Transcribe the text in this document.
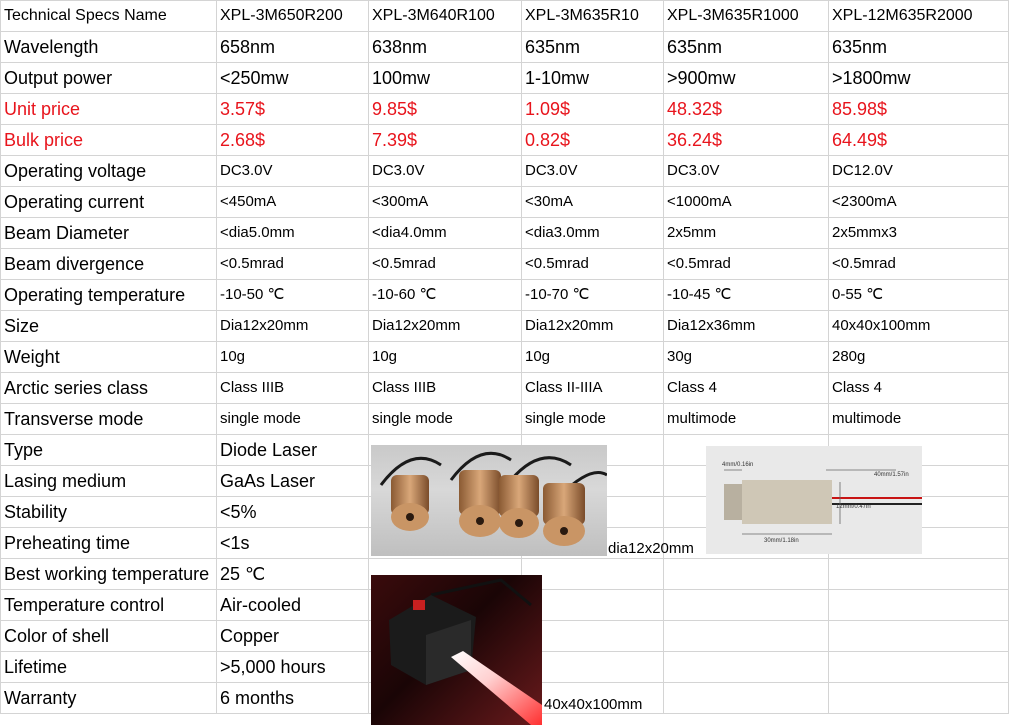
Technical Specs Name	XPL-3M650R200	XPL-3M640R100	XPL-3M635R10	XPL-3M635R1000	XPL-12M635R2000
Wavelength	658nm	638nm	635nm	635nm	635nm
Output power	<250mw	100mw	1-10mw	>900mw	>1800mw
Unit price	3.57$	9.85$	1.09$	48.32$	85.98$
Bulk price	2.68$	7.39$	0.82$	36.24$	64.49$
Operating voltage	DC3.0V	DC3.0V	DC3.0V	DC3.0V	DC12.0V
Operating current	<450mA	<300mA	<30mA	<1000mA	<2300mA
Beam Diameter	<dia5.0mm	<dia4.0mm	<dia3.0mm	2x5mm	2x5mmx3
Beam divergence	<0.5mrad	<0.5mrad	<0.5mrad	<0.5mrad	<0.5mrad
Operating temperature	-10-50 ℃	-10-60 ℃	-10-70 ℃	-10-45 ℃	0-55 ℃
Size	Dia12x20mm	Dia12x20mm	Dia12x20mm	Dia12x36mm	40x40x100mm
Weight	10g	10g	10g	30g	280g
Arctic series class	Class IIIB	Class IIIB	Class II-IIIA	Class 4	Class 4
Transverse mode	single mode	single mode	single mode	multimode	multimode
Type	Diode Laser				
Lasing medium	GaAs Laser				
Stability	<5%				
Preheating time	<1s				
Best working temperature	25 ℃				
Temperature control	Air-cooled				
Color of shell	Copper				
Lifetime	>5,000 hours				
Warranty	6 months				
dia12x20mm
4mm/0.16in
40mm/1.57in
12mm/0.47in
30mm/1.18in
40x40x100mm
